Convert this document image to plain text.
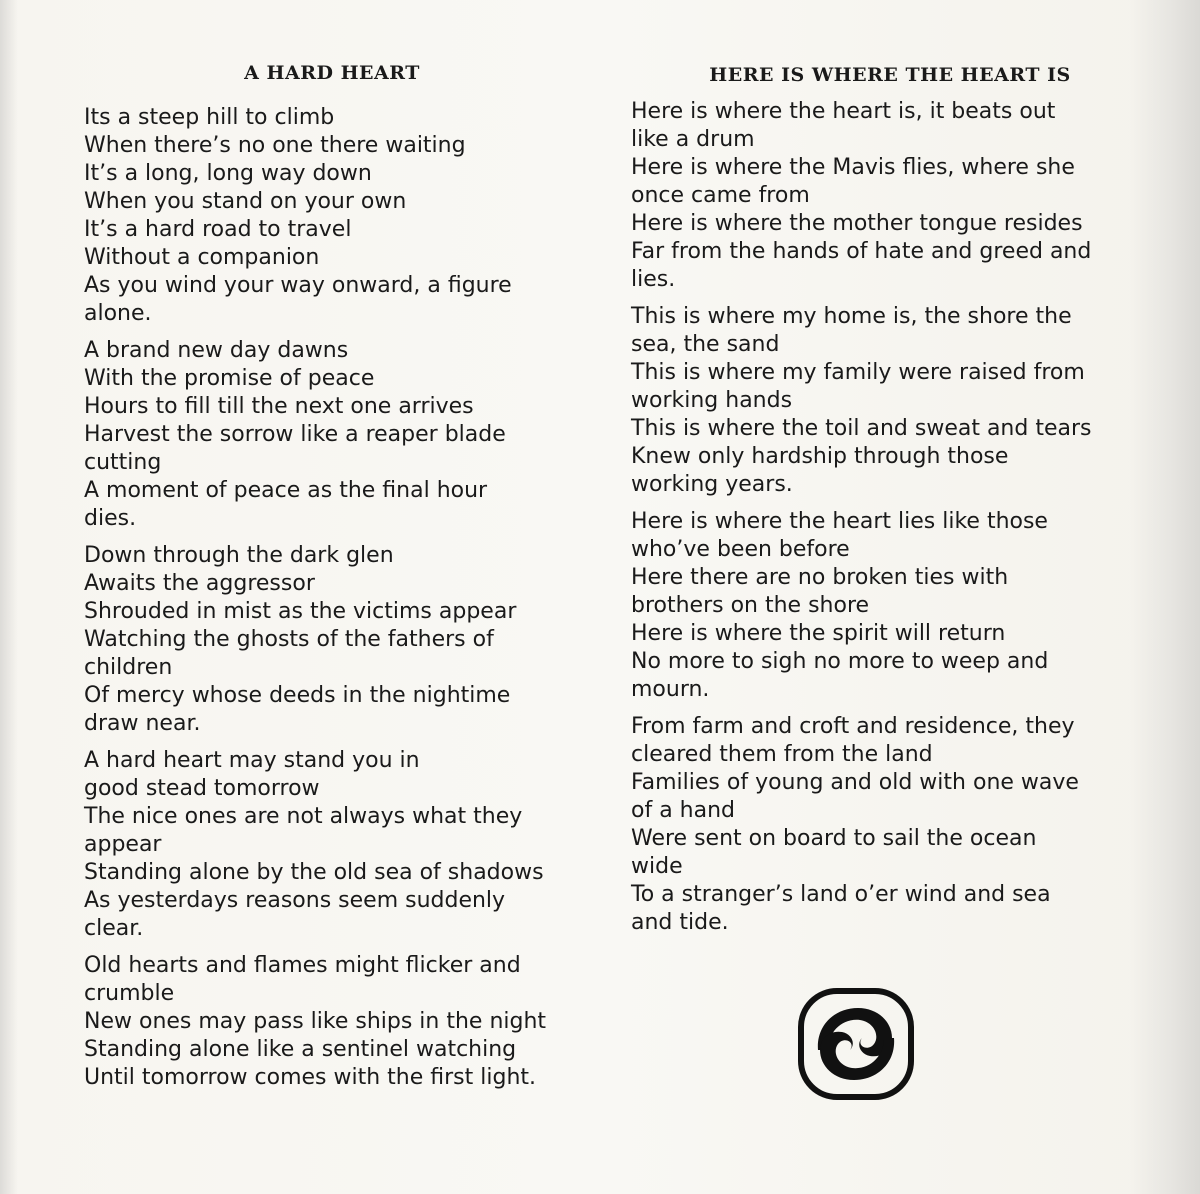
A HARD HEART
Its a steep hill to climb
When there’s no one there waiting
It’s a long, long way down
When you stand on your own
It’s a hard road to travel
Without a companion
As you wind your way onward, a figure
alone.
A brand new day dawns
With the promise of peace
Hours to fill till the next one arrives
Harvest the sorrow like a reaper blade
cutting
A moment of peace as the final hour
dies.
Down through the dark glen
Awaits the aggressor
Shrouded in mist as the victims appear
Watching the ghosts of the fathers of
children
Of mercy whose deeds in the nightime
draw near.
A hard heart may stand you in
good stead tomorrow
The nice ones are not always what they
appear
Standing alone by the old sea of shadows
As yesterdays reasons seem suddenly
clear.
Old hearts and flames might flicker and
crumble
New ones may pass like ships in the night
Standing alone like a sentinel watching
Until tomorrow comes with the first light.
HERE IS WHERE THE HEART IS
Here is where the heart is, it beats out
like a drum
Here is where the Mavis flies, where she
once came from
Here is where the mother tongue resides
Far from the hands of hate and greed and
lies.
This is where my home is, the shore the
sea, the sand
This is where my family were raised from
working hands
This is where the toil and sweat and tears
Knew only hardship through those
working years.
Here is where the heart lies like those
who’ve been before
Here there are no broken ties with
brothers on the shore
Here is where the spirit will return
No more to sigh no more to weep and
mourn.
From farm and croft and residence, they
cleared them from the land
Families of young and old with one wave
of a hand
Were sent on board to sail the ocean
wide
To a stranger’s land o’er wind and sea
and tide.
